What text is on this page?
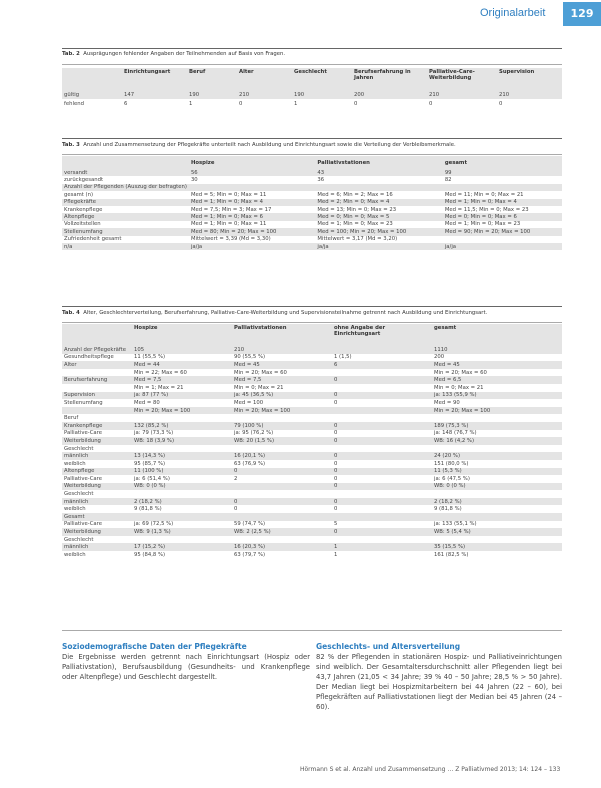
Originalarbeit	129
Tab. 2 Ausprägungen fehlender Angaben der Teilnehmenden auf Basis von Fragen.
	Einrichtungsart	Beruf	Alter	Geschlecht	Berufserfahrung in Jahren	Palliative-Care-Weiterbildung	Supervision
gültig	147	190	210	190	200	210	210
fehlend	6	1	0	1	0	0	0
Tab. 3 Anzahl und Zusammensetzung der Pflegekräfte unterteilt nach Ausbildung und Einrichtungsart sowie die Verteilung der Verbleibsmerkmale.
	Hospize	Palliativstationen	gesamt
versandt	56	43	99
zurückgesandt	30	36	82
Anzahl der Pflegenden (Auszug der befragten)			
gesamt (n)	Med = 5; Min = 0; Max = 11	Med = 6; Min = 2; Max = 16	Med = 11; Min = 0; Max = 21
Pflegekräfte	Med = 1; Min = 0; Max = 4	Med = 2; Min = 0; Max = 4	Med = 1; Min = 0; Max = 4
Krankenpflege	Med = 7,5; Min = 3; Max = 17	Med = 13; Min = 0; Max = 23	Med = 11,5; Min = 0; Max = 23
Altenpflege	Med = 1; Min = 0; Max = 6	Med = 0; Min = 0; Max = 5	Med = 0; Min = 0; Max = 6
Vollzeitstellen	Med = 1; Min = 0; Max = 11	Med = 1; Min = 0; Max = 23	Med = 1; Min = 0; Max = 23
Stellenumfang	Med = 80; Min = 20; Max = 100	Med = 100; Min = 20; Max = 100	Med = 90; Min = 20; Max = 100
Zufriedenheit gesamt	Mittelwert = 3,39 (Md = 3,30)	Mittelwert = 3,17 (Md = 3,20)	
n/a	ja/ja	ja/ja	ja/ja
Tab. 4 Alter, Geschlechterverteilung, Berufserfahrung, Palliative-Care-Weiterbildung und Supervisionsteilnahme getrennt nach Ausbildung und Einrichtungsart.
	Hospize	Palliativstationen	ohne Angabe der Einrichtungsart	gesamt
Anzahl der Pflegekräfte	105	210		1110
Gesundheitspflege	11 (55,5 %)	90 (55,5 %)	1 (1,5)	200
Alter	Med = 44	Med = 45	6	Med = 45
	Min = 22; Max = 60	Min = 20; Max = 60		Min = 20; Max = 60
Berufserfahrung	Med = 7,5	Med = 7,5	0	Med = 6,5
	Min = 1; Max = 21	Min = 0; Max = 21		Min = 0; Max = 21
Supervision	ja: 87 (77 %)	ja: 45 (36,5 %)	0	ja: 133 (55,9 %)
Stellenumfang	Med = 80	Med = 100	0	Med = 90
	Min = 20; Max = 100	Min = 20; Max = 100		Min = 20; Max = 100
Beruf				
Krankenpflege	132 (85,2 %)	79 (100 %)	0	189 (75,3 %)
Palliative-Care	ja: 79 (73,3 %)	ja: 95 (76,2 %)	0	ja: 148 (76,7 %)
Weiterbildung	WB: 18 (3,9 %)	WB: 20 (1,5 %)	0	WB: 16 (4,2 %)
Geschlecht				
männlich	13 (14,3 %)	16 (20,1 %)	0	24 (20 %)
weiblich	95 (85,7 %)	63 (76,9 %)	0	151 (80,0 %)
Altenpflege	11 (100 %)	0	0	11 (5,3 %)
Palliative-Care	ja: 6 (51,4 %)	2	0	ja: 6 (47,5 %)
Weiterbildung	WB: 0 (0 %)		0	WB: 0 (0 %)
Geschlecht				
männlich	2 (18,2 %)	0	0	2 (18,2 %)
weiblich	9 (81,8 %)	0	0	9 (81,8 %)
Gesamt				
Palliative-Care	ja: 69 (72,5 %)	59 (74,7 %)	5	ja: 133 (55,1 %)
Weiterbildung	WB: 9 (1,3 %)	WB: 2 (2,5 %)	0	WB: 5 (5,4 %)
Geschlecht				
männlich	17 (15,2 %)	16 (20,3 %)	1	35 (15,5 %)
weiblich	95 (84,8 %)	63 (79,7 %)	1	161 (82,5 %)
Soziodemografische Daten der Pflegekräfte
Die Ergebnisse werden getrennt nach Einrichtungsart (Hospiz oder Palliativstation), Berufsausbildung (Gesundheits- und Krankenpflege oder Altenpflege) und Geschlecht dargestellt.
Geschlechts- und Altersverteilung
82 % der Pflegenden in stationären Hospiz- und Palliativeinrichtungen sind weiblich. Der Gesamtaltersdurchschnitt aller Pflegenden liegt bei 43,7 Jahren (21,05 < 34 Jahre; 39 % 40 – 50 Jahre; 28,5 % > 50 Jahre). Der Median liegt bei Hospizmitarbeitern bei 44 Jahren (22 – 60), bei Pflegekräften auf Palliativstationen liegt der Median bei 45 Jahren (24 – 60).
Hörmann S et al. Anzahl und Zusammensetzung … Z Palliativmed 2013; 14: 124 – 133
